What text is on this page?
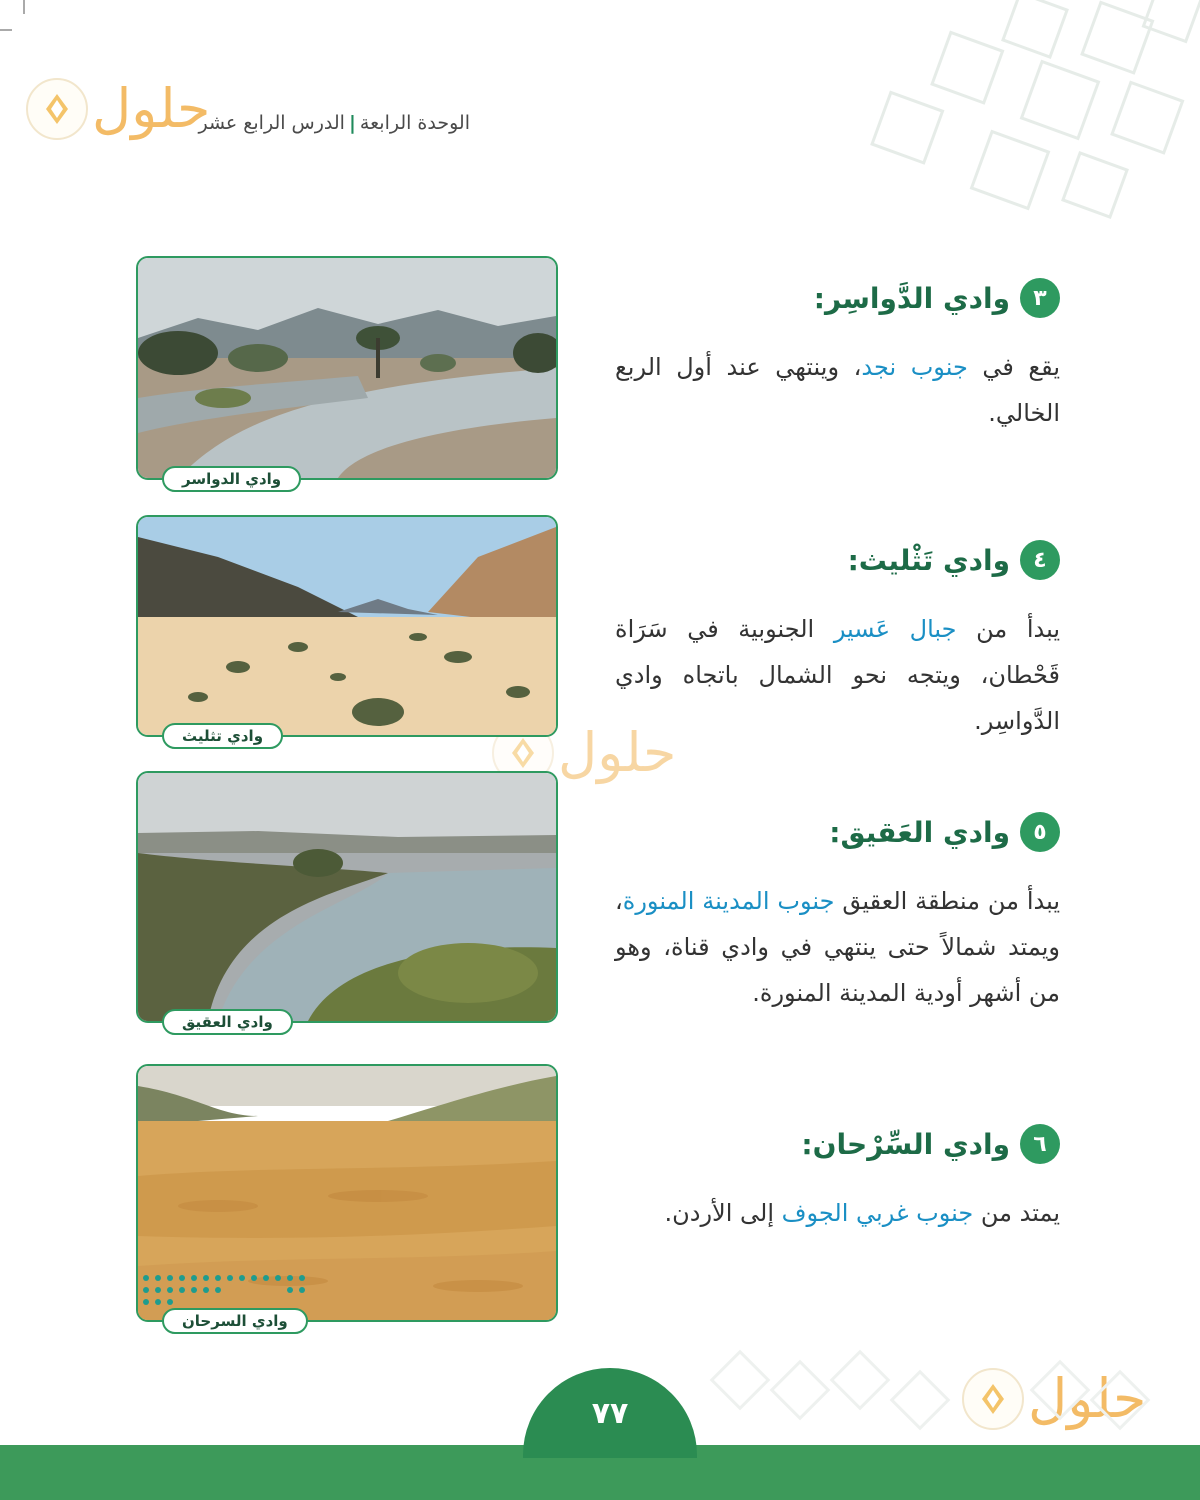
الوحدة الرابعة|الدرس الرابع عشر
حلول
حلول
حلول
٣
وادي الدَّواسِر:
يقع في جنوب نجد، وينتهي عند أول الربع الخالي.
٤
وادي تَثْليث:
يبدأ من جبال عَسير الجنوبية في سَرَاة قَحْطان، ويتجه نحو الشمال باتجاه وادي الدَّواسِر.
٥
وادي العَقيق:
يبدأ من منطقة العقيق جنوب المدينة المنورة، ويمتد شمالاً حتى ينتهي في وادي قناة، وهو من أشهر أودية المدينة المنورة.
٦
وادي السِّرْحان:
يمتد من جنوب غربي الجوف إلى الأردن.
وادي الدواسر
وادي تثليث
وادي العقيق
وادي السرحان
٧٧
